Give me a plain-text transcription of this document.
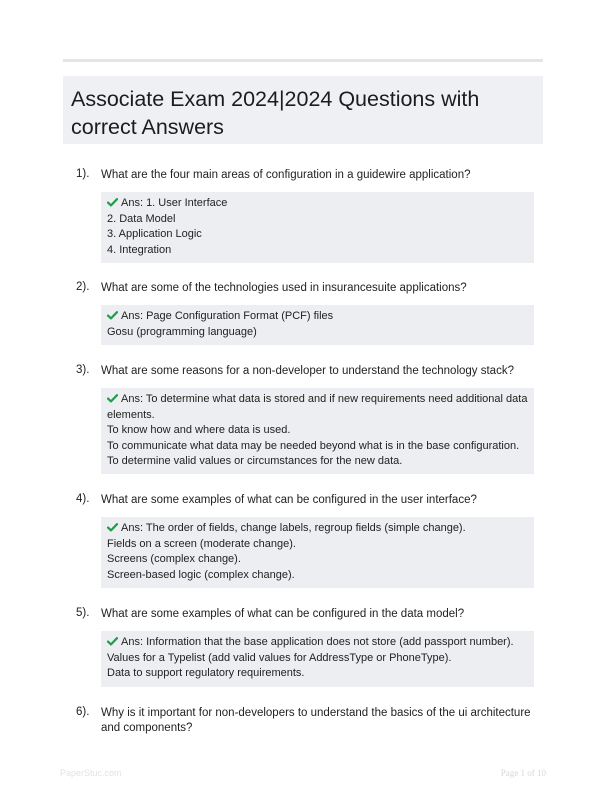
Associate Exam 2024|2024 Questions with correct Answers
1). What are the four main areas of configuration in a guidewire application?
Ans: 1. User Interface
2. Data Model
3. Application Logic
4. Integration
2). What are some of the technologies used in insurancesuite applications?
Ans: Page Configuration Format (PCF) files
Gosu (programming language)
3). What are some reasons for a non-developer to understand the technology stack?
Ans: To determine what data is stored and if new requirements need additional data elements.
To know how and where data is used.
To communicate what data may be needed beyond what is in the base configuration.
To determine valid values or circumstances for the new data.
4). What are some examples of what can be configured in the user interface?
Ans: The order of fields, change labels, regroup fields (simple change).
Fields on a screen (moderate change).
Screens (complex change).
Screen-based logic (complex change).
5). What are some examples of what can be configured in the data model?
Ans: Information that the base application does not store (add passport number).
Values for a Typelist (add valid values for AddressType or PhoneType).
Data to support regulatory requirements.
6). Why is it important for non-developers to understand the basics of the ui architecture and components?
PaperStuc.com	Page 1 of 10
